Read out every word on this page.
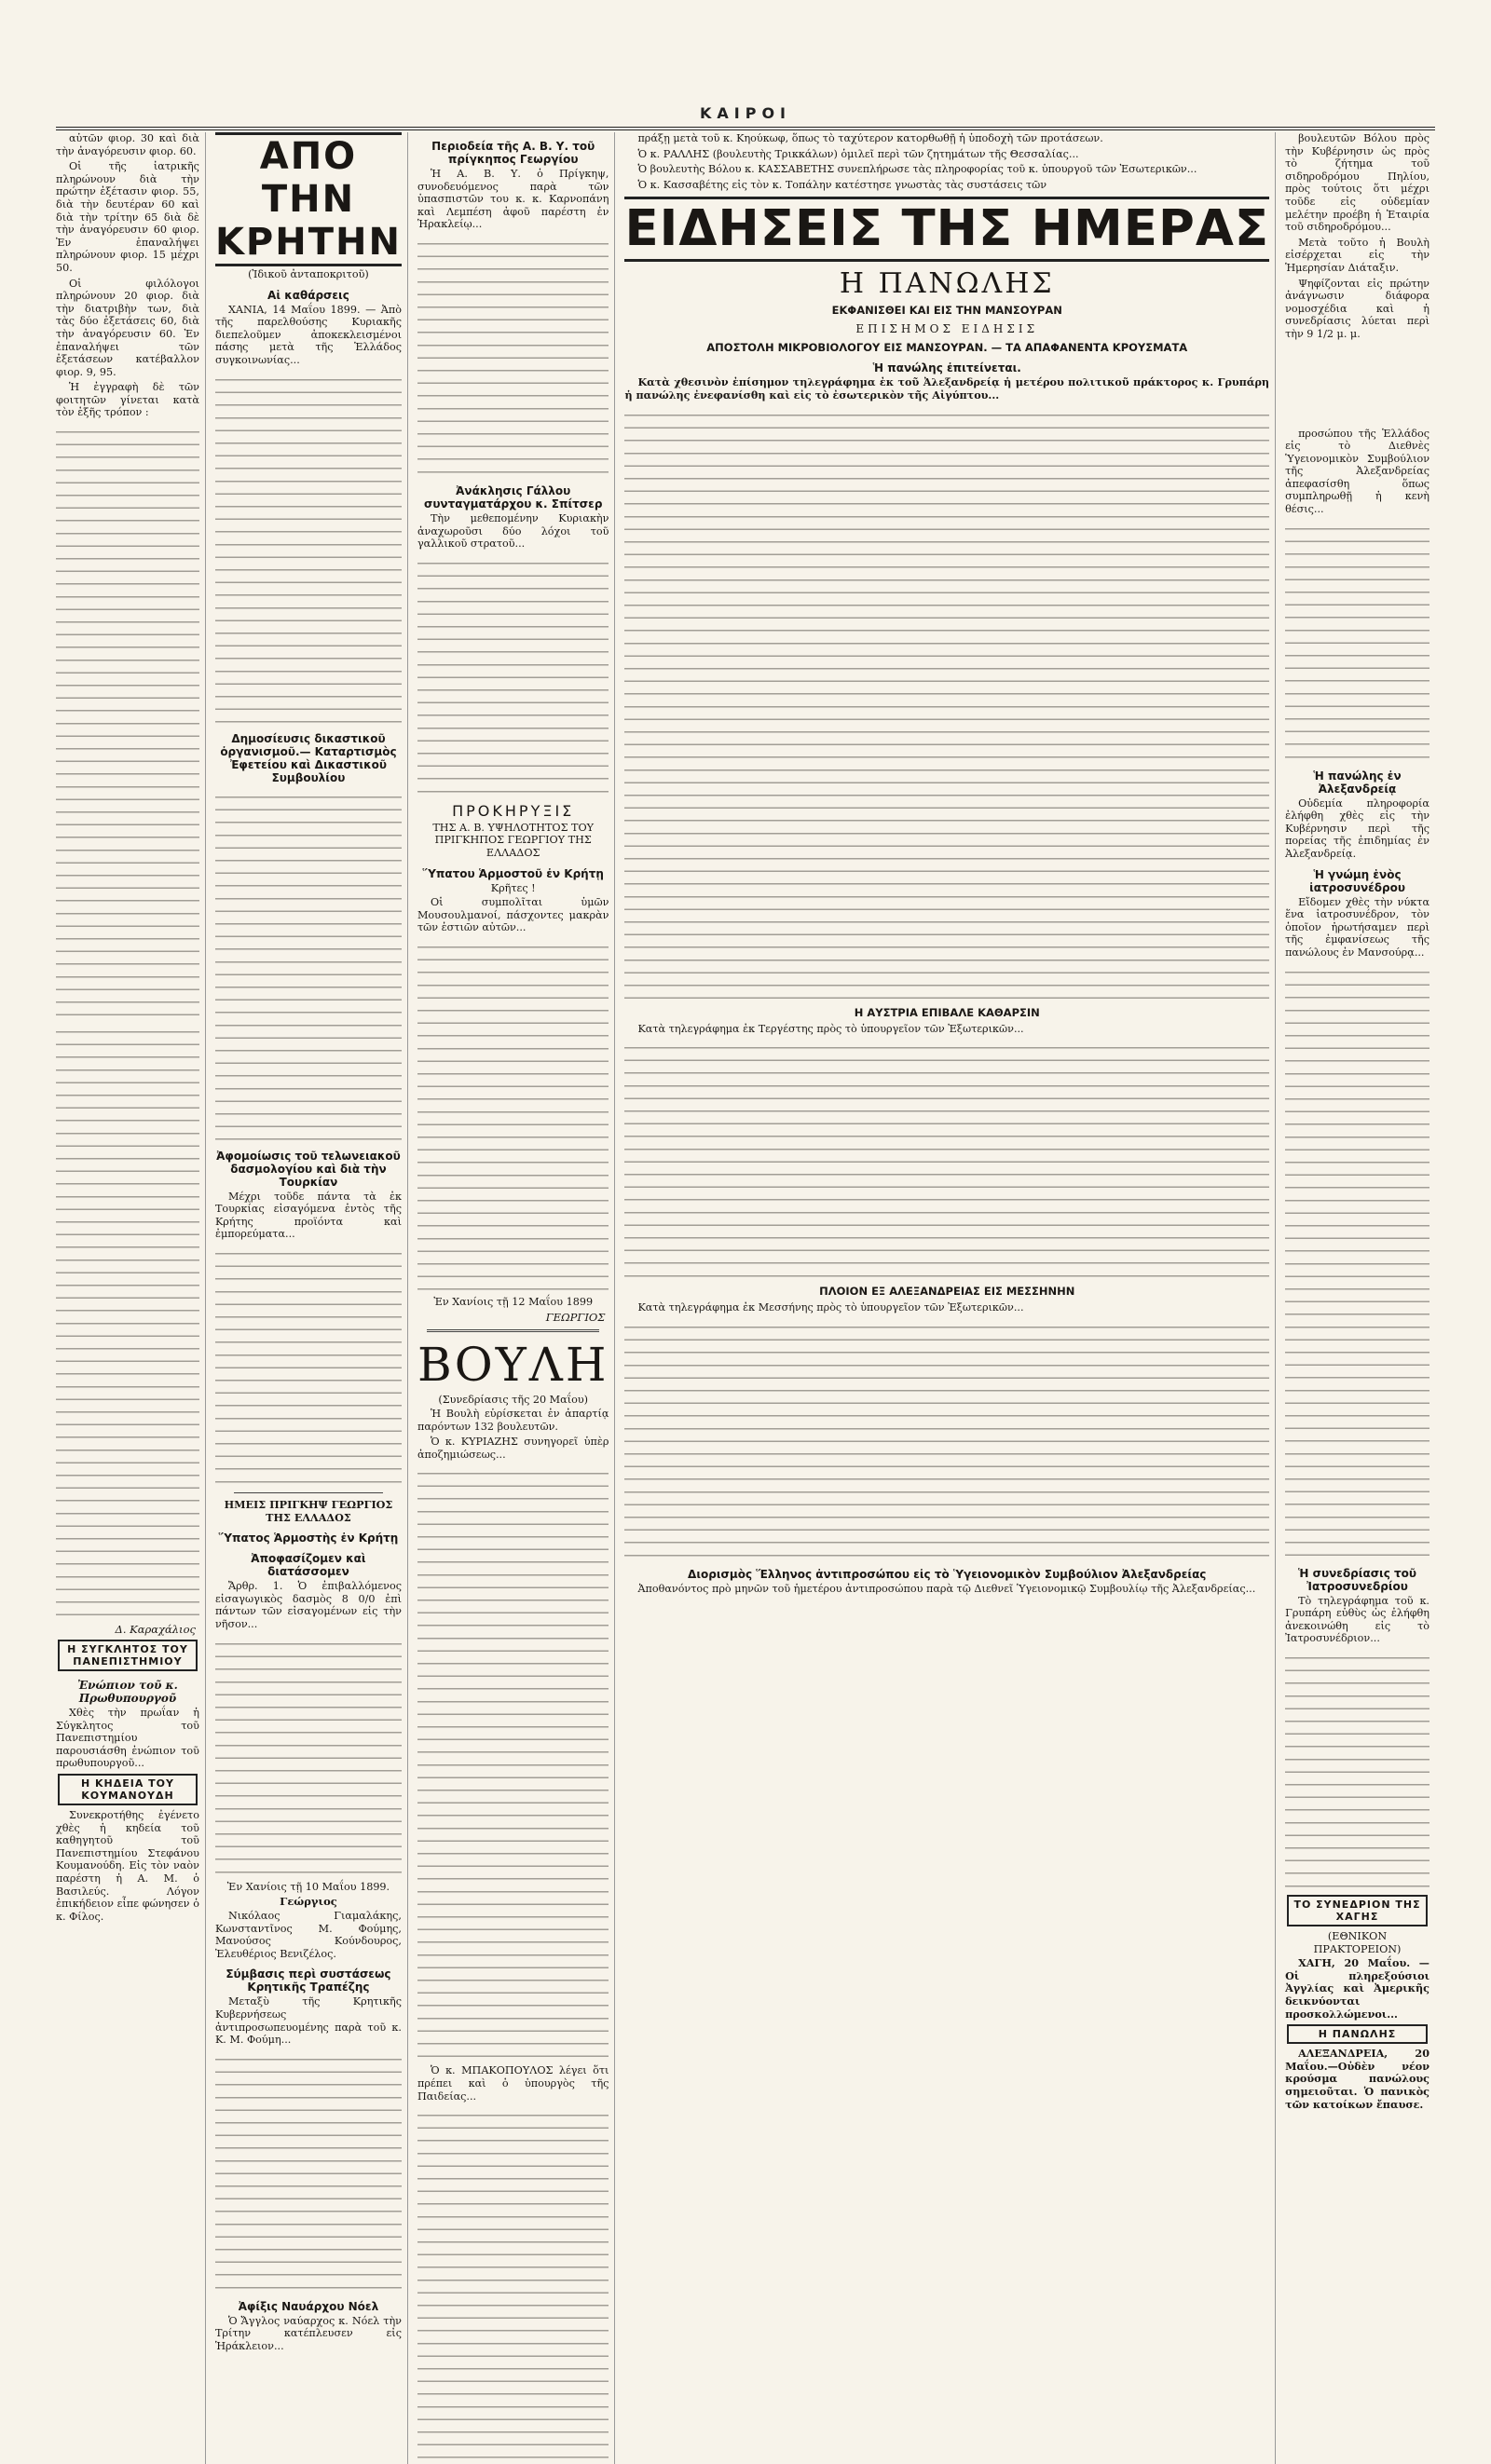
ΚΑΙΡΟΙ

αὐτῶν φιορ. 30 καὶ διὰ τὴν ἀναγόρευσιν φιορ. 60.

Οἱ τῆς ἰατρικῆς πληρώνουν διὰ τὴν πρώτην ἐξέτασιν φιορ. 55, διὰ τὴν δευτέραν 60 καὶ διὰ τὴν τρίτην 65 διὰ δὲ τὴν ἀναγόρευσιν 60 φιορ. Ἐν ἐπαναλήψει πληρώνουν φιορ. 15 μέχρι 50.

Οἱ φιλόλογοι πληρώνουν 20 φιορ. διὰ τὴν διατριβὴν των, διὰ τὰς δύο ἐξετάσεις 60, διὰ τὴν ἀναγόρευσιν 60. Ἐν ἐπαναλήψει τῶν ἐξετάσεων κατέβαλλον φιορ. 9, 95.

Ἡ ἐγγραφὴ δὲ τῶν φοιτητῶν γίνεται κατὰ τὸν ἑξῆς τρόπον :

Δ. Καραχάλιος

Η ΣΥΓΚΛΗΤΟΣ ΤΟΥ ΠΑΝΕΠΙΣΤΗΜΙΟΥ
Ἐνώπιον τοῦ κ. Πρωθυπουργοῦ

Χθὲς τὴν πρωΐαν ἡ Σύγκλητος τοῦ Πανεπιστημίου παρουσιάσθη ἐνώπιον τοῦ πρωθυπουργοῦ...

Η ΚΗΔΕΙΑ ΤΟΥ ΚΟΥΜΑΝΟΥΔΗ

Συνεκροτήθης ἐγένετο χθὲς ἡ κηδεία τοῦ καθηγητοῦ τοῦ Πανεπιστημίου Στεφάνου Κουμανούδη. Εἰς τὸν ναὸν παρέστη ἡ Α. Μ. ὁ Βασιλεύς. Λόγον ἐπικήδειον εἶπε φώνησεν ὁ κ. Φίλος.

ΑΠΟ ΤΗΝ ΚΡΗΤΗΝ

(Ἰδικοῦ ἀνταποκριτοῦ)

Αἱ καθάρσεις

ΧΑΝΙΑ, 14 Μαΐου 1899. — Ἀπὸ τῆς παρελθούσης Κυριακῆς διεπελοῦμεν ἀποκεκλεισμένοι πάσης μετὰ τῆς Ἑλλάδος συγκοινωνίας...

Δημοσίευσις δικαστικοῦ ὀργανισμοῦ.— Καταρτισμὸς Ἐφετείου καὶ Δικαστικοῦ Συμβουλίου
Ἀφομοίωσις τοῦ τελωνειακοῦ δασμολογίου καὶ διὰ τὴν Τουρκίαν

Μέχρι τοῦδε πάντα τὰ ἐκ Τουρκίας εἰσαγόμενα ἐντὸς τῆς Κρήτης προϊόντα καὶ ἐμπορεύματα...

ΗΜΕΙΣ ΠΡΙΓΚΗΨ ΓΕΩΡΓΙΟΣ ΤΗΣ ΕΛΛΑΔΟΣ

Ὕπατος Ἁρμοστὴς ἐν Κρήτῃ
Ἀποφασίζομεν καὶ διατάσσομεν

Ἄρθρ. 1. Ὁ ἐπιβαλλόμενος εἰσαγωγικὸς δασμὸς 8 0/0 ἐπὶ πάντων τῶν εἰσαγομένων εἰς τὴν νῆσον...

Ἐν Χανίοις τῇ 10 Μαΐου 1899.

Γεώργιος

Νικόλαος Γιαμαλάκης, Κωνσταντῖνος Μ. Φούμης, Μανούσος Κούνδουρος, Ἐλευθέριος Βενιζέλος.

Σύμβασις περὶ συστάσεως Κρητικῆς Τραπέζης

Μεταξὺ τῆς Κρητικῆς Κυβερνήσεως ἀντιπροσωπευομένης παρὰ τοῦ κ. Κ. Μ. Φούμη...

Ἀφίξις Ναυάρχου Νόελ

Ὁ Ἄγγλος ναύαρχος κ. Νόελ τὴν Τρίτην κατέπλευσεν εἰς Ἡράκλειον...

Περιοδεία τῆς Α. Β. Υ. τοῦ πρίγκηπος Γεωργίου

Ἡ Α. Β. Υ. ὁ Πρίγκηψ, συνοδευόμενος παρὰ τῶν ὑπασπιστῶν του κ. κ. Καρνοπάνη καὶ Λεμπέση ἀφοῦ παρέστη ἐν Ἡρακλείῳ...

Ἀνάκλησις Γάλλου συνταγματάρχου κ. Σπίτσερ

Τὴν μεθεπομένην Κυριακὴν ἀναχωροῦσι δύο λόχοι τοῦ γαλλικοῦ στρατοῦ...

ΠΡΟΚΗΡΥΞΙΣ

ΤΗΣ Α. Β. ΥΨΗΛΟΤΗΤΟΣ ΤΟΥ ΠΡΙΓΚΗΠΟΣ ΓΕΩΡΓΙΟΥ ΤΗΣ ΕΛΛΑΔΟΣ

Ὕπατου Ἁρμοστοῦ ἐν Κρήτῃ

Κρῆτες !

Οἱ συμπολῖται ὑμῶν Μουσουλμανοί, πάσχοντες μακρὰν τῶν ἑστιῶν αὐτῶν...

Ἐν Χανίοις τῇ 12 Μαΐου 1899

ΓΕΩΡΓΙΟΣ

ΒΟΥΛΗ

(Συνεδρίασις τῆς 20 Μαΐου)

Ἡ Βουλὴ εὑρίσκεται ἐν ἀπαρτίᾳ παρόντων 132 βουλευτῶν.

Ὁ κ. ΚΥΡΙΑΖΗΣ συνηγορεῖ ὑπὲρ ἀποζημιώσεως...

Ὁ κ. ΜΠΑΚΟΠΟΥΛΟΣ λέγει ὅτι πρέπει καὶ ὁ ὑπουργὸς τῆς Παιδείας...

πράξῃ μετὰ τοῦ κ. Κηούκωφ, ὅπως τὸ ταχύτερον κατορθωθῇ ἡ ὑποδοχὴ τῶν προτάσεων.

Ὁ κ. ΡΑΛΛΗΣ (βουλευτὴς Τρικκάλων) ὁμιλεῖ περὶ τῶν ζητημάτων τῆς Θεσσαλίας...

Ὁ βουλευτὴς Βόλου κ. ΚΑΣΣΑΒΕΤΗΣ συνεπλήρωσε τὰς πληροφορίας τοῦ κ. ὑπουργοῦ τῶν Ἐσωτερικῶν...

Ὁ κ. Κασσαβέτης εἰς τὸν κ. Τοπάλην κατέστησε γνωστὰς τὰς συστάσεις τῶν

ΕΙΔΗΣΕΙΣ ΤΗΣ ΗΜΕΡΑΣ
Η ΠΑΝΩΛΗΣ
ΕΚΦΑΝΙΣΘΕΙ ΚΑΙ ΕΙΣ ΤΗΝ ΜΑΝΣΟΥΡΑΝ
ΕΠΙΣΗΜΟΣ ΕΙΔΗΣΙΣ
ΑΠΟΣΤΟΛΗ ΜΙΚΡΟΒΙΟΛΟΓΟΥ ΕΙΣ ΜΑΝΣΟΥΡΑΝ. — ΤΑ ΑΠΑΦΑΝΕΝΤΑ ΚΡΟΥΣΜΑΤΑ
Ἡ πανώλης ἐπιτείνεται.

Κατὰ χθεσινὸν ἐπίσημον τηλεγράφημα ἐκ τοῦ Ἀλεξανδρείᾳ ἡ μετέρου πολιτικοῦ πράκτορος κ. Γρυπάρη ἡ πανώλης ἐνεφανίσθη καὶ εἰς τὸ ἐσωτερικὸν τῆς Αἰγύπτου...

Η ΑΥΣΤΡΙΑ ΕΠΙΒΑΛΕ ΚΑΘΑΡΣΙΝ

Κατὰ τηλεγράφημα ἐκ Τεργέστης πρὸς τὸ ὑπουργεῖον τῶν Ἐξωτερικῶν...

ΠΛΟΙΟΝ ΕΞ ΑΛΕΞΑΝΔΡΕΙΑΣ ΕΙΣ ΜΕΣΣΗΝΗΝ

Κατὰ τηλεγράφημα ἐκ Μεσσήνης πρὸς τὸ ὑπουργεῖον τῶν Ἐξωτερικῶν...

Διορισμὸς Ἕλληνος ἀντιπροσώπου εἰς τὸ Ὑγειονομικὸν Συμβούλιον Ἀλεξανδρείας

Ἀποθανόντος πρὸ μηνῶν τοῦ ἡμετέρου ἀντιπροσώπου παρὰ τῷ Διεθνεῖ Ὑγειονομικῷ Συμβουλίῳ τῆς Ἀλεξανδρείας...

βουλευτῶν Βόλου πρὸς τὴν Κυβέρνησιν ὡς πρὸς τὸ ζήτημα τοῦ σιδηροδρόμου Πηλίου, πρὸς τούτοις ὅτι μέχρι τοῦδε εἰς οὐδεμίαν μελέτην προέβη ἡ Ἑταιρία τοῦ σιδηροδρόμου...

Μετὰ τοῦτο ἡ Βουλὴ εἰσέρχεται εἰς τὴν Ἡμερησίαν Διάταξιν.

Ψηφίζονται εἰς πρώτην ἀνάγνωσιν διάφορα νομοσχέδια καὶ ἡ συνεδρίασις λύεται περὶ τὴν 9 1/2 μ. μ.

προσώπου τῆς Ἑλλάδος εἰς τὸ Διεθνὲς Ὑγειονομικὸν Συμβούλιον τῆς Ἀλεξανδρείας ἀπεφασίσθη ὅπως συμπληρωθῇ ἡ κενὴ θέσις...

Ἡ πανώλης ἐν Ἀλεξανδρείᾳ

Οὐδεμία πληροφορία ἐλήφθη χθὲς εἰς τὴν Κυβέρνησιν περὶ τῆς πορείας τῆς ἐπιδημίας ἐν Ἀλεξανδρείᾳ.

Ἡ γνώμη ἑνὸς ἰατροσυνέδρου

Εἴδομεν χθὲς τὴν νύκτα ἕνα ἰατροσυνέδρον, τὸν ὁποῖον ἠρωτήσαμεν περὶ τῆς ἐμφανίσεως τῆς πανώλους ἐν Μανσούρᾳ...

Ἡ συνεδρίασις τοῦ Ἰατροσυνεδρίου

Τὸ τηλεγράφημα τοῦ κ. Γρυπάρη εὐθὺς ὡς ἐλήφθη ἀνεκοινώθη εἰς τὸ Ἰατροσυνέδριον...

ΤΟ ΣΥΝΕΔΡΙΟΝ ΤΗΣ ΧΑΓΗΣ

(ΕΘΝΙΚΟΝ ΠΡΑΚΤΟΡΕΙΟΝ)

ΧΑΓΗ, 20 Μαΐου. — Οἱ πληρεξούσιοι Ἀγγλίας καὶ Ἀμερικῆς δεικνύονται προσκολλώμενοι...

Η ΠΑΝΩΛΗΣ

ΑΛΕΞΑΝΔΡΕΙΑ, 20 Μαΐου.—Οὐδὲν νέον κρούσμα πανώλους σημειοῦται. Ὁ πανικὸς τῶν κατοίκων ἔπαυσε.
